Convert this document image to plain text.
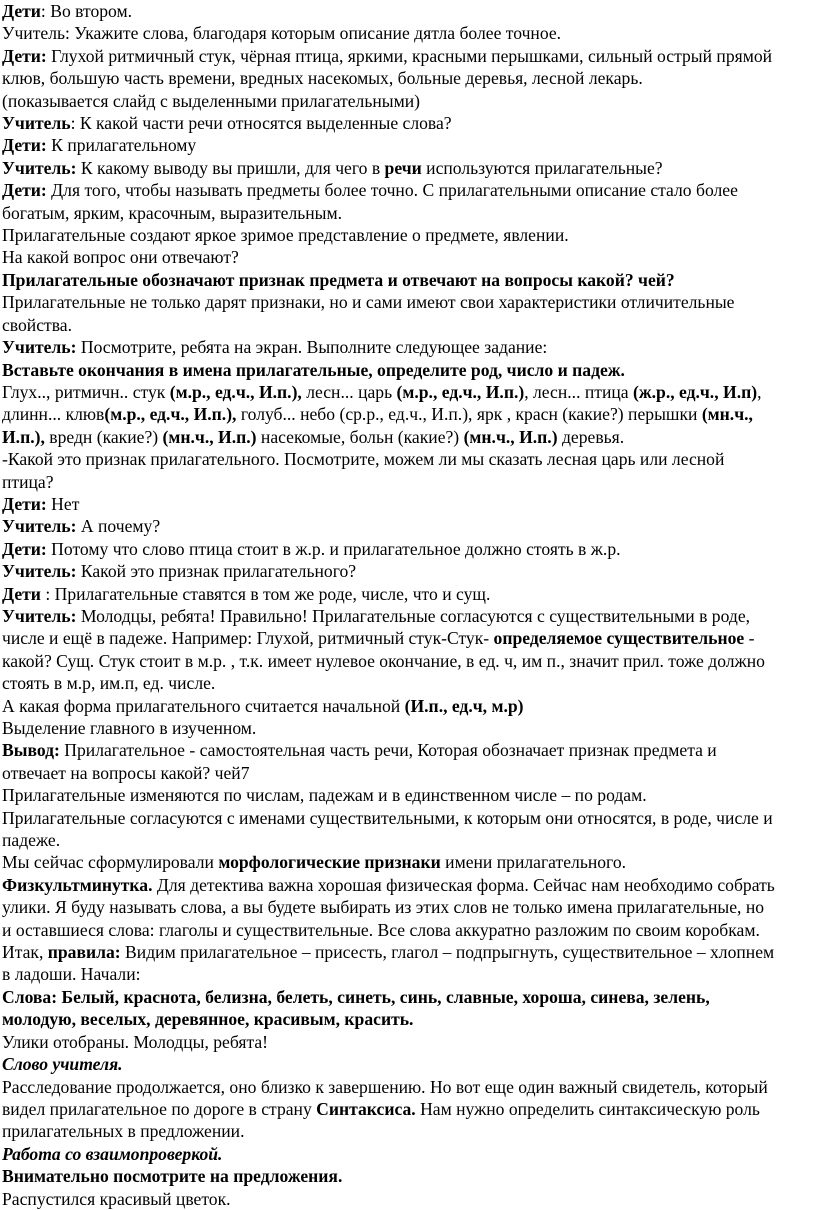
Дети: Во втором.
Учитель: Укажите слова, благодаря которым описание дятла более точное.
Дети: Глухой ритмичный стук, чёрная птица, яркими, красными перышками, сильный острый прямой
клюв, большую часть времени, вредных насекомых, больные деревья, лесной лекарь.
(показывается слайд с выделенными прилагательными)
Учитель: К какой части речи относятся выделенные слова?
Дети: К прилагательному
Учитель: К какому выводу вы пришли, для чего в речи используются прилагательные?
Дети: Для того, чтобы называть предметы более точно. С прилагательными описание стало более
богатым, ярким, красочным, выразительным.
Прилагательные создают яркое зримое представление о предмете, явлении.
На какой вопрос они отвечают?
Прилагательные обозначают признак предмета и отвечают на вопросы какой? чей?
Прилагательные не только дарят признаки, но и сами имеют свои характеристики отличительные
свойства.
Учитель: Посмотрите, ребята на экран. Выполните следующее задание:
Вставьте окончания в имена прилагательные, определите род, число и падеж.
Глух.., ритмичн.. стук (м.р., ед.ч., И.п.), лесн... царь (м.р., ед.ч., И.п.), лесн... птица (ж.р., ед.ч., И.п),
длинн... клюв(м.р., ед.ч., И.п.), голуб... небо (ср.р., ед.ч., И.п.), ярк , красн (какие?) перышки (мн.ч.,
И.п.), вредн (какие?) (мн.ч., И.п.) насекомые, больн (какие?) (мн.ч., И.п.) деревья.
-Какой это признак прилагательного. Посмотрите, можем ли мы сказать лесная царь или лесной
птица?
Дети: Нет
Учитель: А почему?
Дети: Потому что слово птица стоит в ж.р. и прилагательное должно стоять в ж.р.
Учитель: Какой это признак прилагательного?
Дети : Прилагательные ставятся в том же роде, числе, что и сущ.
Учитель: Молодцы, ребята! Правильно! Прилагательные согласуются с существительными в роде,
числе и ещё в падеже. Например: Глухой, ритмичный стук-Стук- определяемое существительное -
какой? Сущ. Стук стоит в м.р. , т.к. имеет нулевое окончание, в ед. ч, им п., значит прил. тоже должно
стоять в м.р, им.п, ед. числе.
А какая форма прилагательного считается начальной (И.п., ед.ч, м.р)
Выделение главного в изученном.
Вывод: Прилагательное - самостоятельная часть речи, Которая обозначает признак предмета и
отвечает на вопросы какой? чей7
Прилагательные изменяются по числам, падежам и в единственном числе – по родам.
Прилагательные согласуются с именами существительными, к которым они относятся, в роде, числе и
падеже.
Мы сейчас сформулировали морфологические признаки имени прилагательного.
Физкультминутка. Для детектива важна хорошая физическая форма. Сейчас нам необходимо собрать
улики. Я буду называть слова, а вы будете выбирать из этих слов не только имена прилагательные, но
и оставшиеся слова: глаголы и существительные. Все слова аккуратно разложим по своим коробкам.
Итак, правила: Видим прилагательное – присесть, глагол – подпрыгнуть, существительное – хлопнем
в ладоши. Начали:
Слова: Белый, краснота, белизна, белеть, синеть, синь, славные, хороша, синева, зелень,
молодую, веселых, деревянное, красивым, красить.
Улики отобраны. Молодцы, ребята!
Слово учителя.
Расследование продолжается, оно близко к завершению. Но вот еще один важный свидетель, который
видел прилагательное по дороге в страну Синтаксиса. Нам нужно определить синтаксическую роль
прилагательных в предложении.
Работа со взаимопроверкой.
Внимательно посмотрите на предложения.
Распустился красивый цветок.
